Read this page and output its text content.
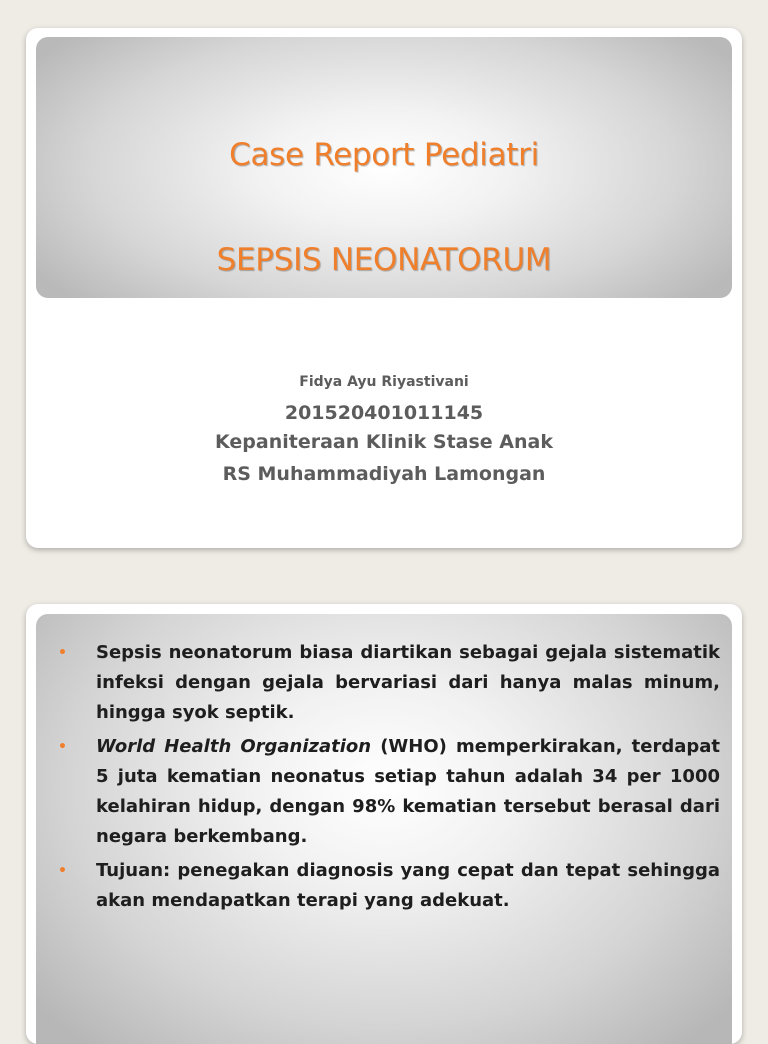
Case Report Pediatri
SEPSIS NEONATORUM
Fidya Ayu Riyastivani
201520401011145
Kepaniteraan Klinik Stase Anak
RS Muhammadiyah Lamongan
• Sepsis neonatorum biasa diartikan sebagai gejala sistematik infeksi dengan gejala bervariasi dari hanya malas minum, hingga syok septik.
• World Health Organization (WHO) memperkirakan, terdapat 5 juta kematian neonatus setiap tahun adalah 34 per 1000 kelahiran hidup, dengan 98% kematian tersebut berasal dari negara berkembang.
• Tujuan: penegakan diagnosis yang cepat dan tepat sehingga akan mendapatkan terapi yang adekuat.
